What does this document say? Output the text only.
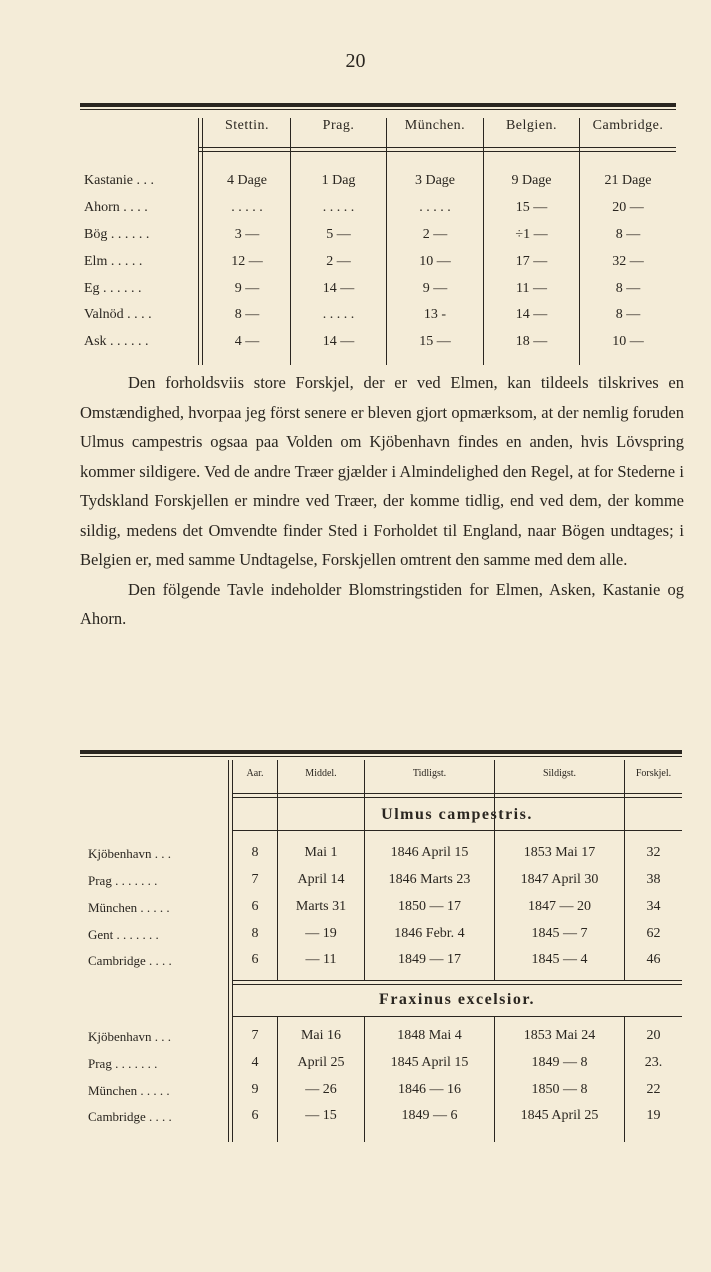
20
Stettin.	Prag.	München.	Belgien.	Cambridge.
Kastanie . . .	4 Dage	1 Dag	3 Dage	9 Dage	21 Dage
Ahorn . . . .	. . . . .	. . . . .	. . . . .	15 —	20 —
Bög . . . . . .	3 —	5 —	2 —	÷1 —	8 —
Elm . . . . .	12 —	2 —	10 —	17 —	32 —
Eg . . . . . .	9 —	14 —	9 —	11 —	8 —
Valnöd . . . .	8 —	. . . . .	13 -	14 —	8 —
Ask . . . . . .	4 —	14 —	15 —	18 —	10 —

Den forholdsviis store Forskjel, der er ved Elmen, kan tildeels tilskrives en Omstændighed, hvorpaa jeg först senere er bleven gjort opmærksom, at der nemlig foruden Ulmus campestris ogsaa paa Volden om Kjöbenhavn findes en anden, hvis Lövspring kommer sildigere. Ved de andre Træer gjælder i Almindelighed den Regel, at for Stederne i Tydskland Forskjellen er mindre ved Træer, der komme tidlig, end ved dem, der komme sildig, medens det Omvendte finder Sted i Forholdet til England, naar Bögen undtages; i Belgien er, med samme Undtagelse, Forskjellen omtrent den samme med dem alle.

Den fölgende Tavle indeholder Blomstringstiden for Elmen, Asken, Kastanie og Ahorn.

Aar.	Middel.	Tidligst.	Sildigst.	Forskjel.
Ulmus campestris.
Kjöbenhavn . . .	8	Mai 1	1846 April 15	1853 Mai 17	32
Prag . . . . . . .	7	April 14	1846 Marts 23	1847 April 30	38
München . . . . .	6	Marts 31	1850 — 17	1847 — 20	34
Gent . . . . . . .	8	— 19	1846 Febr. 4	1845 — 7	62
Cambridge . . . .	6	— 11	1849 — 17	1845 — 4	46
Fraxinus excelsior.
Kjöbenhavn . . .	7	Mai 16	1848 Mai 4	1853 Mai 24	20
Prag . . . . . . .	4	April 25	1845 April 15	1849 — 8	23.
München . . . . .	9	— 26	1846 — 16	1850 — 8	22
Cambridge . . . .	6	— 15	1849 — 6	1845 April 25	19
